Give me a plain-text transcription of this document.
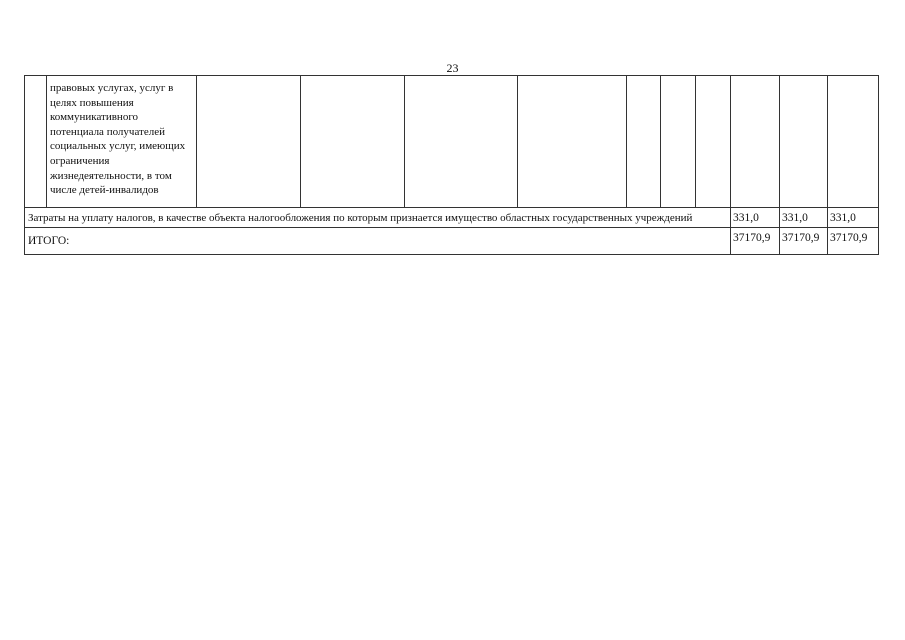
23
	правовых услугах, услуг в целях повышения коммуникативного потенциала получателей социальных услуг, имеющих ограничения жизнедеятельности, в том числе детей-инвалидов										
Затраты на уплату налогов, в качестве объекта налогообложения по которым признается имущество областных государственных учреждений									331,0	331,0	331,0
ИТОГО:									37170,9	37170,9	37170,9
